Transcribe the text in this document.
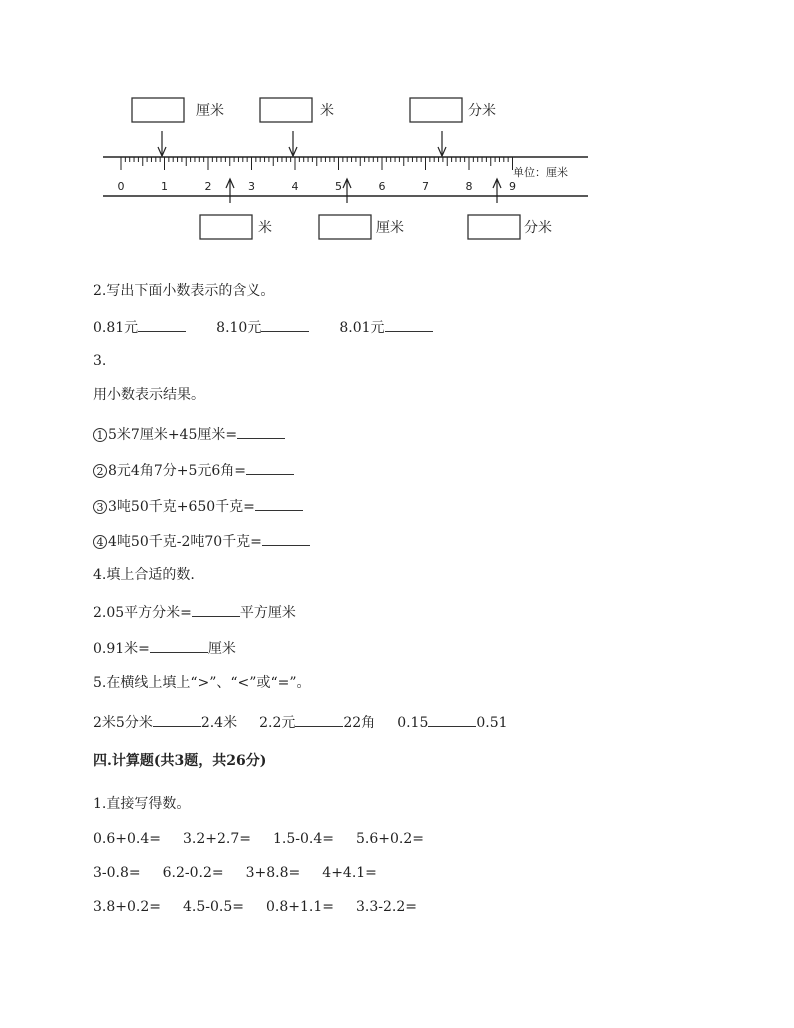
0	1	2	3	4	5	6	7	8	9
单位：厘米
厘米	米	分米
米	厘米	分米
2.写出下面小数表示的含义。
0.81元	8.10元	8.01元
3.
用小数表示结果。
1 5米7厘米+45厘米=
2 8元4角7分+5元6角=
3 3吨50千克+650千克=
4 4吨50千克-2吨70千克=
4.填上合适的数.
2.05平方分米=	平方厘米
0.91米=	厘米
5.在横线上填上“>”、“<”或“=”。
2米5分米	2.4米 2.2元	22角 0.15	0.51
四.计算题(共3题，共26分)
1.直接写得数。
0.6+0.4= 3.2+2.7= 1.5-0.4= 5.6+0.2=
3-0.8= 6.2-0.2= 3+8.8= 4+4.1=
3.8+0.2= 4.5-0.5= 0.8+1.1= 3.3-2.2=
